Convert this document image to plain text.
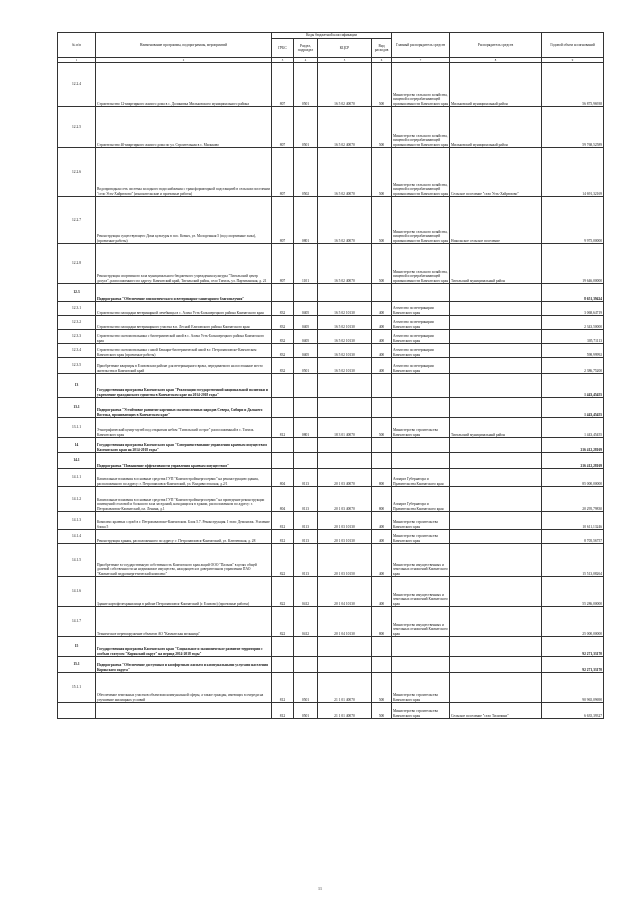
№ п/п	Наименование программы, подпрограммы, мероприятий	Коды бюджетной классификации				Главный распорядитель средств	Распорядитель средств	Годовой объем ассигнований
		ГРБС	Раздел, подраздел	КЦСР	Вид расходов			
1	2	3	4	5	6	7	8	9
12.2.4	Строительство 12-квартирного жилого дома в с. Долиновка Мильковского муниципального района	807	0501	16 5 02 40070	500	Министерство сельского хозяйства, пищевой и перерабатывающей промышленности Камчатского края	Мильковский муниципальный район	56 875,96938
12.2.5	Строительство 40-квартирного жилого дома по ул. Строительная в с. Мильково	807	0501	16 5 02 40070	500	Министерство сельского хозяйства, пищевой и перерабатывающей промышленности Камчатского края	Мильковский муниципальный район	59 768,52589
12.2.6	Водопроводная сеть системы холодного водоснабжения с трансформаторной подстанцией в сельском поселении "село Усть-Хайрюзово" (изыскательские и проектные работы)	807	0502	16 5 02 40070	500	Министерство сельского хозяйства, пищевой и перерабатывающей промышленности Камчатского края	Сельское поселение "село Усть-Хайрюзово"	14 691,32169
12.2.7	Реконструкция существующего Дома культуры в пос. Ковыч, ул. Молодежная 5 (под спортивные залы), (проектные работы)	807	0801	16 5 02 40070	500	Министерство сельского хозяйства, пищевой и перерабатывающей промышленности Камчатского края	Никольское сельское поселение	9 975,00000
12.2.8	Реконструкция спортивного зала муниципального бюджетного учреждения культуры "Тигильский центр досуга", расположенного по адресу: Камчатский край, Тигильский район, село Тигиль, ул. Партизанская, д. 21	807	1101	16 5 02 40070	500	Министерство сельского хозяйства, пищевой и перерабатывающей промышленности Камчатского края	Тигильский муниципальный район	19 646,00000
12.3	Подпрограмма "Обеспечение эпизоотического и ветеринарно-санитарного благополучия"							8 651,39424
12.3.1	Строительство площадки ветеринарной лечебницы в с. Алача Усть-Большерецкого района Камчатского края	832	0405	16 5 02 10130	400	Агентство по ветеринарии Камчатского края		3 068,64719
12.3.2	Строительство площадки ветеринарного участка в п. Лесной Елизовского района Камчатского края	832	0405	16 5 02 10130	400	Агентство по ветеринарии Камчатского края		2 343,50000
12.3.3	Строительство скотомогильника с биотермической ямой в с. Алача Усть-Большерецкого района Камчатского края	832	0405	16 5 02 10130	400	Агентство по ветеринарии Камчатского края		305,71113
12.3.4	Строительство скотомогильника с ямой Беккари-биотермической ямой в г. Петропавловске-Камчатском Камчатского края (проектные работы)	832	0405	16 5 02 10130	400	Агентство по ветеринарии Камчатского края		598,99992
12.3.5	Приобретение квартиры в Елизовском районе для ветеринарного врача, передаваемого на постоянное место жительства в Камчатский край	832	0501	16 5 02 10130	400	Агентство по ветеринарии Камчатского края		2 386,75200
13	Государственная программа Камчатского края "Реализация государственной национальной политики и укрепление гражданского единства в Камчатском крае на 2014-2018 годы"							1 443,45455
13.1	Подпрограмма "Устойчивое развитие коренных малочисленных народов Севера, Сибири и Дальнего Востока, проживающих в Камчатском крае"							1 443,45455
13.1.1	Этнографический центр-музей под открытым небом "Тигильский острог" расположенный в с. Тигиль Камчатского края	812	0801	18 3 01 40070	500	Министерство строительства Камчатского края	Тигильский муниципальный район	1 443,45455
14	Государственная программа Камчатского края "Совершенствование управления краевым имуществом Камчатского края на 2014-2018 годы"							216 412,28169
14.1	Подпрограмма "Повышение эффективности управления краевым имуществом"							216 412,28169
14.1.1	Капитальные вложения в основные средства ГУП "Камчатстройэнергосервис" на реконструкцию здания, расположенного по адресу: г. Петропавловск-Камчатский, ул. Владивостокская, д.2/1	804	0113	20 1 03 40070	800	Аппарат Губернатора и Правительства Камчатского края		85 000,00000
14.1.2	Капитальные вложения в основные средства ГУП "Камчатстройэнергосервис" на проведение реконструкции помещений столовой и большого зала заседаний, находящихся в здании, расположенном по адресу: г. Петропавловск-Камчатский, пл. Ленина, д.1	804	0113	20 1 03 40070	800	Аппарат Губернатора и Правительства Камчатского края		20 295,79830
14.1.3	Комплекс краевых служб в г. Петропавловске-Камчатском. Блок 5.7. Реконструкция. I этап: Демонтаж. Усиление блока 5	812	0113	20 1 03 10130	400	Министерство строительства Камчатского края		10 611,13246
14.1.4	Реконструкция здания, расположенного по адресу: г. Петропавловск-Камчатский, ул. Ключевская, д. 28	812	0113	20 1 03 10130	400	Министерство строительства Камчатского края		8 705,56757
14.1.5	Приобретение в государственную собственность Камчатского края акций ООО "Пальма" в целях общей долевой собственности на недвижимое имущество, находящееся в доверительном управлении ПАО "Камчатский гидроэнергетический комплекс"	822	0113	20 1 03 10150	400	Министерство имущественных и земельных отношений Камчатского края		15 513,08264
14.1.6	Здание картофелехранилища в районе Петропавловск-Камчатский (г. Елизово) (проектные работы)	822	0412	20 1 04 10130	400	Министерство имущественных и земельных отношений Камчатского края		55 286,00000
14.1.7	Техническое перевооружение объектов АО "Камчатская мельница"	822	0412	20 1 04 10130	800	Министерство имущественных и земельных отношений Камчатского края		25 000,00000
15	Государственная программа Камчатского края "Социальное и экономическое развитие территории с особым статусом "Корякский округ" на период 2014-2018 годы"							92 271,33170
15.1	Подпрограмма "Обеспечение доступным и комфортным жильем и коммунальными услугами населения Корякского округа"							92 271,33170
15.1.1	Обеспечение земельных участков объектами коммунальной сферы, а также граждан, имеющих в очереди на улучшение жилищных условий	812	0501	21 1 01 40070	500	Министерство строительства Камчатского края		90 965,09690
		812	0501	21 1 01 40070	500	Министерство строительства Камчатского края	Сельское поселение "село Тиличики"	6 635,39327
11
